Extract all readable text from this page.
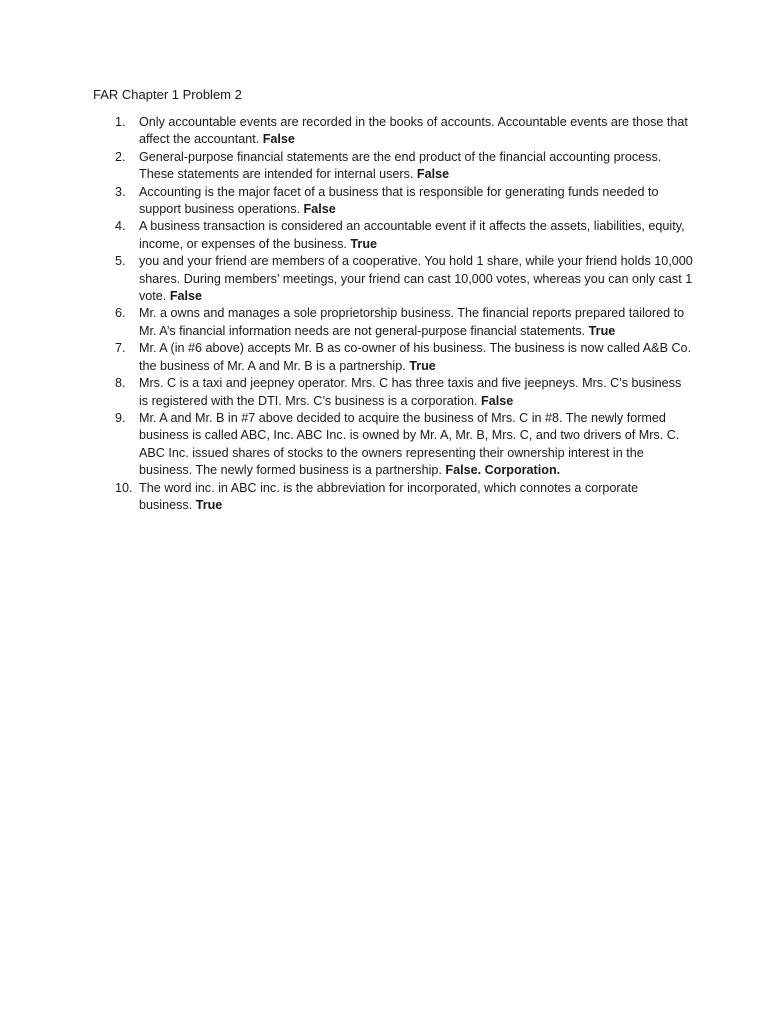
FAR Chapter 1 Problem 2
1.	Only accountable events are recorded in the books of accounts. Accountable events are those that affect the accountant. False
2.	General-purpose financial statements are the end product of the financial accounting process. These statements are intended for internal users. False
3.	Accounting is the major facet of a business that is responsible for generating funds needed to support business operations. False
4.	A business transaction is considered an accountable event if it affects the assets, liabilities, equity, income, or expenses of the business. True
5.	you and your friend are members of a cooperative. You hold 1 share, while your friend holds 10,000 shares. During members’ meetings, your friend can cast 10,000 votes, whereas you can only cast 1 vote. False
6.	Mr. a owns and manages a sole proprietorship business. The financial reports prepared tailored to Mr. A’s financial information needs are not general-purpose financial statements. True
7.	Mr. A (in #6 above) accepts Mr. B as co-owner of his business. The business is now called A&B Co. the business of Mr. A and Mr. B is a partnership. True
8.	Mrs. C is a taxi and jeepney operator. Mrs. C has three taxis and five jeepneys. Mrs. C’s business is registered with the DTI. Mrs. C’s business is a corporation. False
9.	Mr. A and Mr. B in #7 above decided to acquire the business of Mrs. C in #8. The newly formed business is called ABC, Inc. ABC Inc. is owned by Mr. A, Mr. B, Mrs. C, and two drivers of Mrs. C. ABC Inc. issued shares of stocks to the owners representing their ownership interest in the business. The newly formed business is a partnership. False. Corporation.
10. The word inc. in ABC inc. is the abbreviation for incorporated, which connotes a corporate business. True
